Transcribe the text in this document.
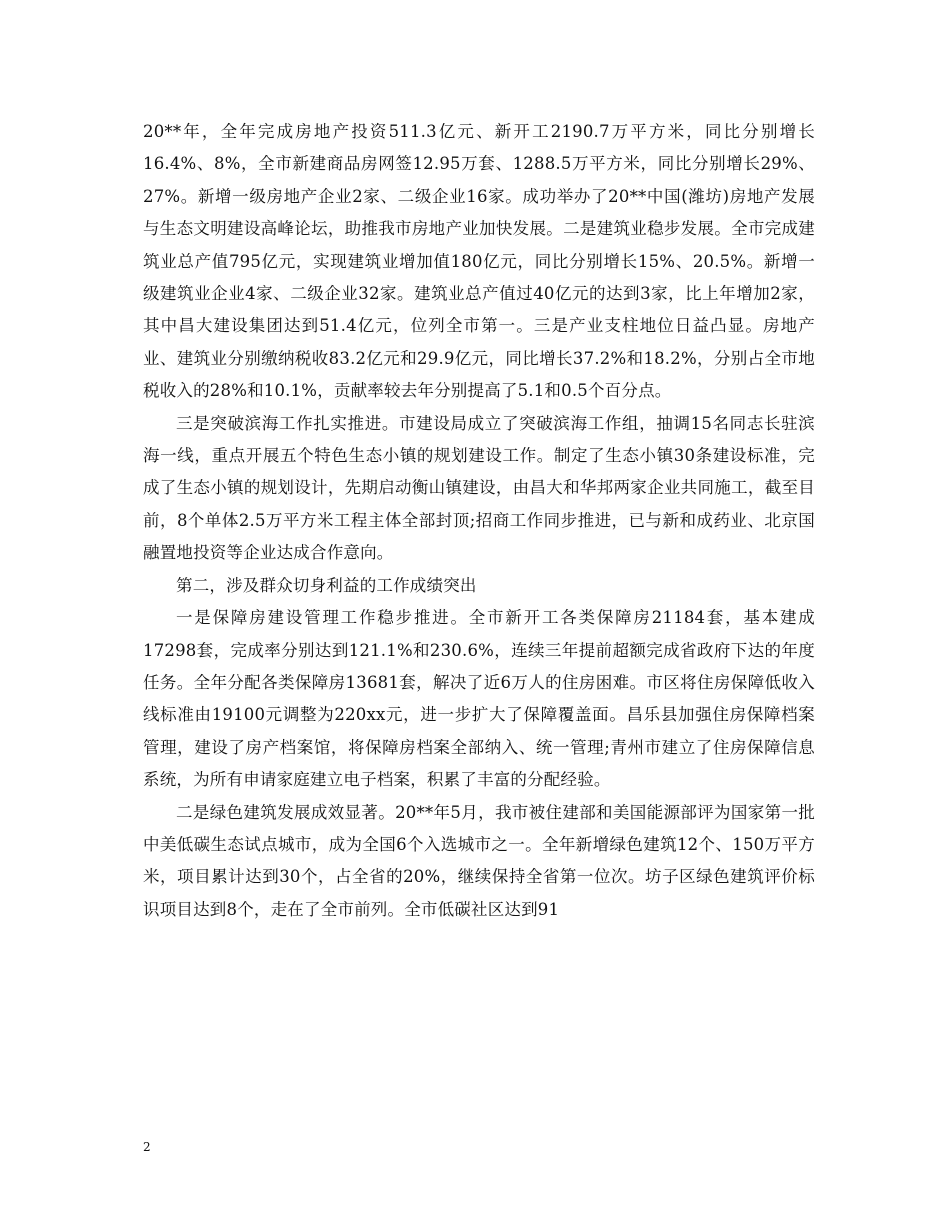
20**年，全年完成房地产投资511.3亿元、新开工2190.7万平方米，同比分别增长16.4%、8%，全市新建商品房网签12.95万套、1288.5万平方米，同比分别增长29%、27%。新增一级房地产企业2家、二级企业16家。成功举办了20**中国(潍坊)房地产发展与生态文明建设高峰论坛，助推我市房地产业加快发展。二是建筑业稳步发展。全市完成建筑业总产值795亿元，实现建筑业增加值180亿元，同比分别增长15%、20.5%。新增一级建筑业企业4家、二级企业32家。建筑业总产值过40亿元的达到3家，比上年增加2家，其中昌大建设集团达到51.4亿元，位列全市第一。三是产业支柱地位日益凸显。房地产业、建筑业分别缴纳税收83.2亿元和29.9亿元，同比增长37.2%和18.2%，分别占全市地税收入的28%和10.1%，贡献率较去年分别提高了5.1和0.5个百分点。

三是突破滨海工作扎实推进。市建设局成立了突破滨海工作组，抽调15名同志长驻滨海一线，重点开展五个特色生态小镇的规划建设工作。制定了生态小镇30条建设标准，完成了生态小镇的规划设计，先期启动衡山镇建设，由昌大和华邦两家企业共同施工，截至目前，8个单体2.5万平方米工程主体全部封顶;招商工作同步推进，已与新和成药业、北京国融置地投资等企业达成合作意向。

第二，涉及群众切身利益的工作成绩突出

一是保障房建设管理工作稳步推进。全市新开工各类保障房21184套，基本建成17298套，完成率分别达到121.1%和230.6%，连续三年提前超额完成省政府下达的年度任务。全年分配各类保障房13681套，解决了近6万人的住房困难。市区将住房保障低收入线标准由19100元调整为220xx元，进一步扩大了保障覆盖面。昌乐县加强住房保障档案管理，建设了房产档案馆，将保障房档案全部纳入、统一管理;青州市建立了住房保障信息系统，为所有申请家庭建立电子档案，积累了丰富的分配经验。

二是绿色建筑发展成效显著。20**年5月，我市被住建部和美国能源部评为国家第一批中美低碳生态试点城市，成为全国6个入选城市之一。全年新增绿色建筑12个、150万平方米，项目累计达到30个，占全省的20%，继续保持全省第一位次。坊子区绿色建筑评价标识项目达到8个，走在了全市前列。全市低碳社区达到91

2
